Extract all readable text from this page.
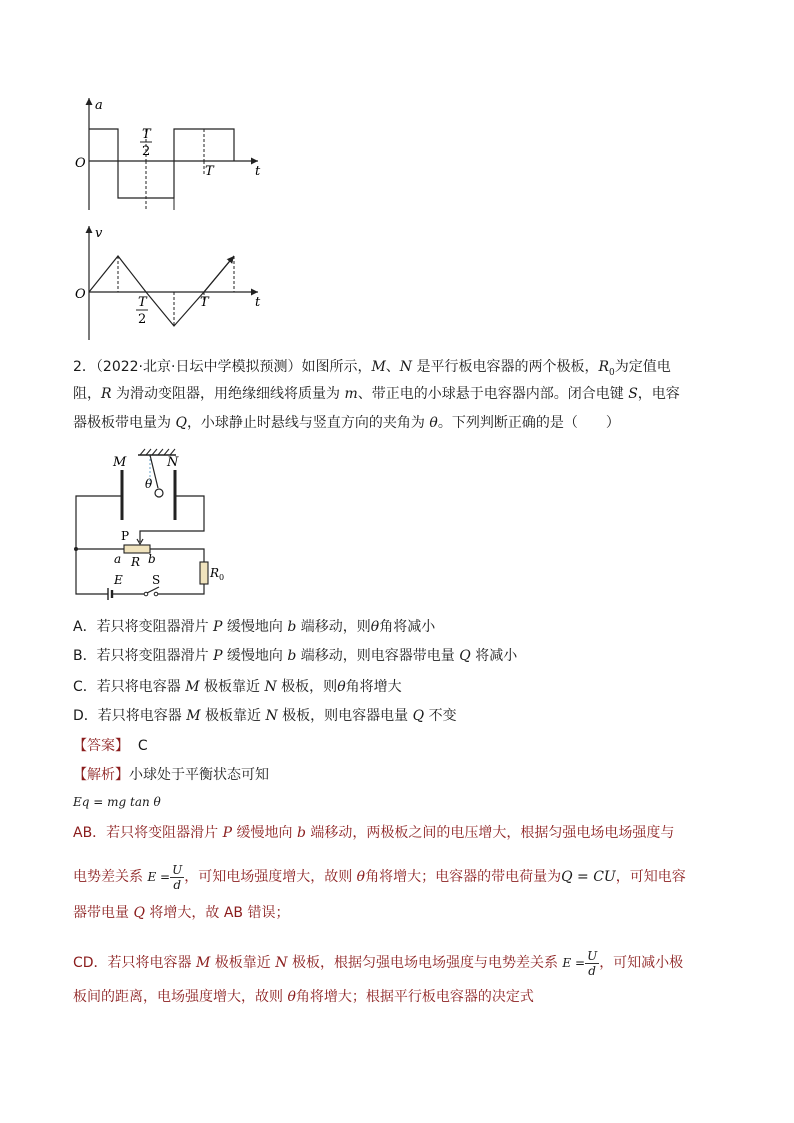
a
t
O
T
2
T
v
t
O
T
2
T
2．（2022·北京·日坛中学模拟预测）如图所示，M、N 是平行板电容器的两个极板，$R_0$为定值电
阻，R 为滑动变阻器，用绝缘细线将质量为 m、带正电的小球悬于电容器内部。闭合电键 S，电容
器极板带电量为 Q，小球静止时悬线与竖直方向的夹角为 θ。下列判断正确的是（　　）
θ
M	N
P
a R b
$R_0$
E S
A．若只将变阻器滑片 P 缓慢地向 b 端移动，则θ角将减小
B．若只将变阻器滑片 P 缓慢地向 b 端移动，则电容器带电量 Q 将减小
C．若只将电容器 M 极板靠近 N 极板，则θ角将增大
D．若只将电容器 M 极板靠近 N 极板，则电容器电量 Q 不变
【答案】 C
【解析】小球处于平衡状态可知
Eq = mg tan θ
AB．若只将变阻器滑片 P 缓慢地向 b 端移动，两极板之间的电压增大，根据匀强电场电场强度与
电势差关系 $E = \frac{U}{d}$ ，可知电场强度增大，故则 θ角将增大；电容器的带电荷量为Q = CU，可知电容
器带电量 Q 将增大，故 AB 错误；
CD．若只将电容器 M 极板靠近 N 极板，根据匀强电场电场强度与电势差关系 $E = \frac{U}{d}$ ，可知减小极
板间的距离，电场强度增大，故则 θ角将增大；根据平行板电容器的决定式
